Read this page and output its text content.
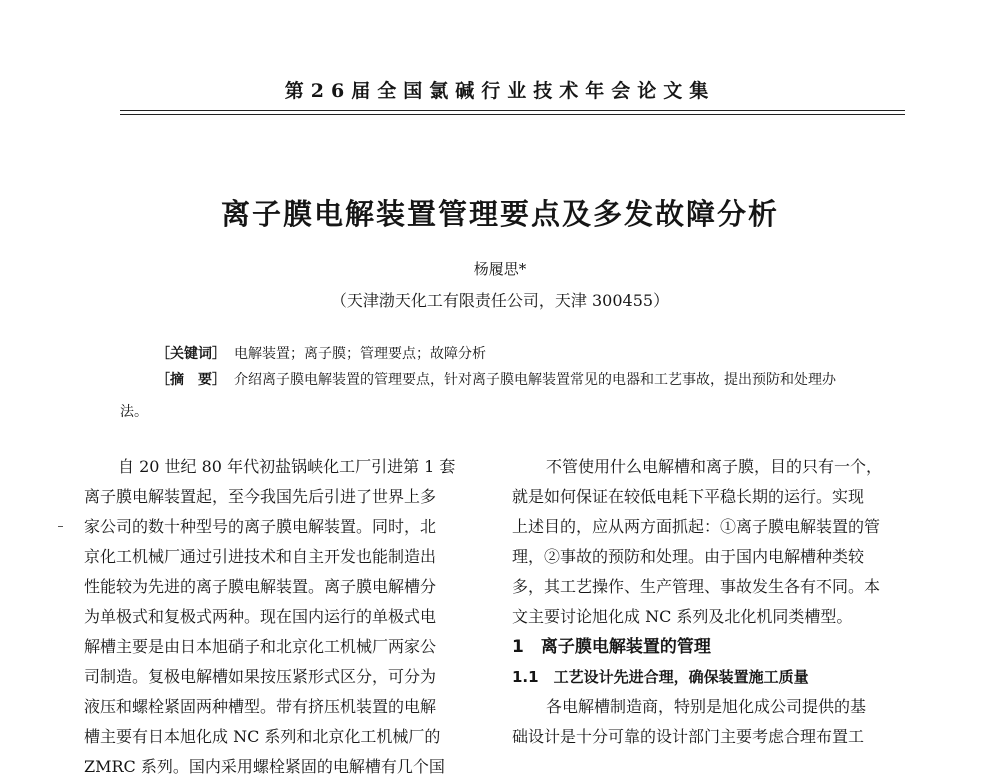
第26届全国氯碱行业技术年会论文集
离子膜电解装置管理要点及多发故障分析
杨履思*
（天津渤天化工有限责任公司，天津 300455）
［关键词］ 电解装置；离子膜；管理要点；故障分析
［摘　要］ 介绍离子膜电解装置的管理要点，针对离子膜电解装置常见的电器和工艺事故，提出预防和处理办
法。
自 20 世纪 80 年代初盐锅峡化工厂引进第 1 套
离子膜电解装置起，至今我国先后引进了世界上多
家公司的数十种型号的离子膜电解装置。同时，北
京化工机械厂通过引进技术和自主开发也能制造出
性能较为先进的离子膜电解装置。离子膜电解槽分
为单极式和复极式两种。现在国内运行的单极式电
解槽主要是由日本旭硝子和北京化工机械厂两家公
司制造。复极电解槽如果按压紧形式区分，可分为
液压和螺栓紧固两种槽型。带有挤压机装置的电解
槽主要有日本旭化成 NC 系列和北京化工机械厂的
ZMRC 系列。国内采用螺栓紧固的电解槽有几个国
不管使用什么电解槽和离子膜，目的只有一个，
就是如何保证在较低电耗下平稳长期的运行。实现
上述目的，应从两方面抓起：①离子膜电解装置的管
理，②事故的预防和处理。由于国内电解槽种类较
多，其工艺操作、生产管理、事故发生各有不同。本
文主要讨论旭化成 NC 系列及北化机同类槽型。
1　离子膜电解装置的管理
1.1　工艺设计先进合理，确保装置施工质量
各电解槽制造商，特别是旭化成公司提供的基
础设计是十分可靠的设计部门主要考虑合理布置工
